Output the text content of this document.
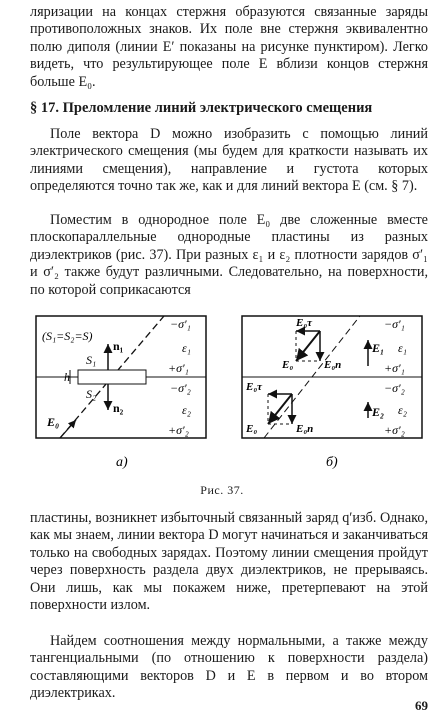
ляризации на концах стержня образуются связанные заряды противоположных знаков. Их поле вне стержня эквивалентно полю диполя (линии E′ показаны на рисунке пунктиром). Легко видеть, что результирующее поле E вблизи концов стержня больше E₀.

§ 17. Преломление линий электрического смещения

Поле вектора D можно изобразить с помощью линий электрического смещения (мы будем для краткости называть их линиями смещения), направление и густота которых определяются точно так же, как и для линий вектора E (см. § 7).

Поместим в однородное поле E₀ две сложенные вместе плоскопараллельные однородные пластины из разных диэлектриков (рис. 37). При разных ε₁ и ε₂ плотности зарядов σ′₁ и σ′₂ также будут различными. Следовательно, на поверхности, по которой соприкасаются

(S₁=S₂=S)
h
S₁
S₂
n₁
n₂
E₀
−σ′₁
ε₁
+σ′₁
−σ′₂
ε₂
+σ′₂
а)
E₀τ
E₀	E₀n
E₁
E₀τ
E₀	E₀n
E₂
−σ′₁
ε₁
+σ′₁
−σ′₂
ε₂
+σ′₂
б)
Рис. 37.

пластины, возникнет избыточный связанный заряд q′изб. Однако, как мы знаем, линии вектора D могут начинаться и заканчиваться только на свободных зарядах. Поэтому линии смещения пройдут через поверхность раздела двух диэлектриков, не прерываясь. Они лишь, как мы покажем ниже, претерпевают на этой поверхности излом.

Найдем соотношения между нормальными, а также между тангенциальными (по отношению к поверхности раздела) составляющими векторов D и E в первом и во втором диэлектриках.

69
